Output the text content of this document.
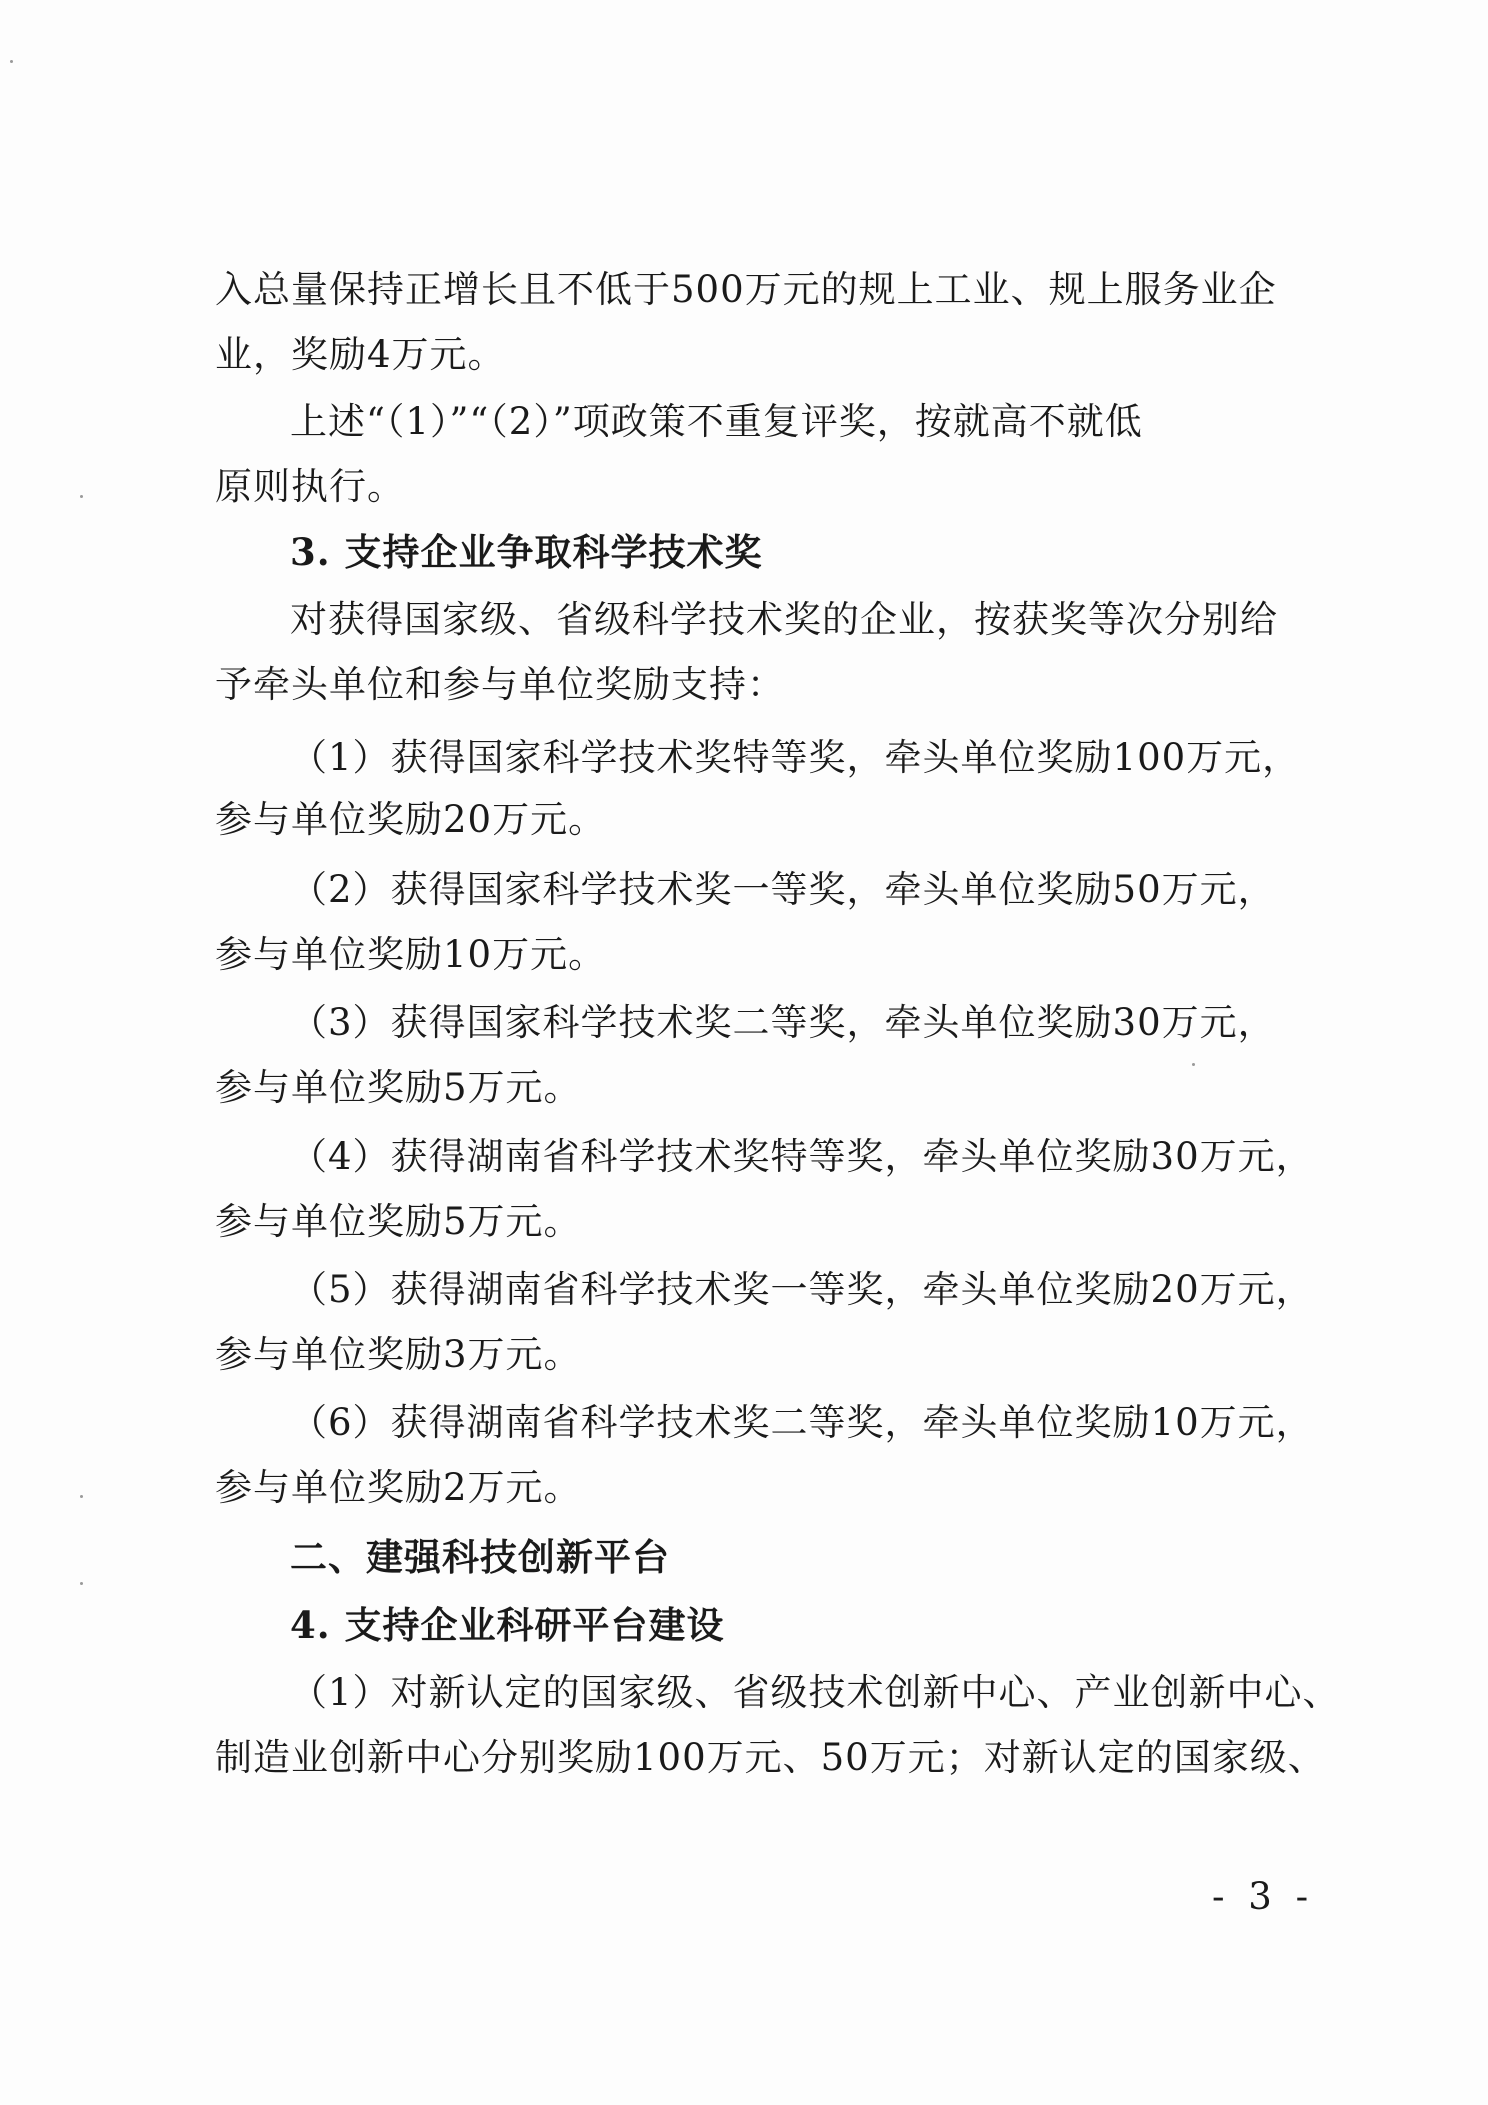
入总量保持正增长且不低于500万元的规上工业、规上服务业企
业，奖励4万元。
上述“（1）”“（2）”项政策不重复评奖，按就高不就低
原则执行。
3. 支持企业争取科学技术奖
对获得国家级、省级科学技术奖的企业，按获奖等次分别给
予牵头单位和参与单位奖励支持：
（1）获得国家科学技术奖特等奖，牵头单位奖励100万元，
参与单位奖励20万元。
（2）获得国家科学技术奖一等奖，牵头单位奖励50万元，
参与单位奖励10万元。
（3）获得国家科学技术奖二等奖，牵头单位奖励30万元，
参与单位奖励5万元。
（4）获得湖南省科学技术奖特等奖，牵头单位奖励30万元，
参与单位奖励5万元。
（5）获得湖南省科学技术奖一等奖，牵头单位奖励20万元，
参与单位奖励3万元。
（6）获得湖南省科学技术奖二等奖，牵头单位奖励10万元，
参与单位奖励2万元。
二、建强科技创新平台
4. 支持企业科研平台建设
（1）对新认定的国家级、省级技术创新中心、产业创新中心、
制造业创新中心分别奖励100万元、50万元；对新认定的国家级、
- 3 -
